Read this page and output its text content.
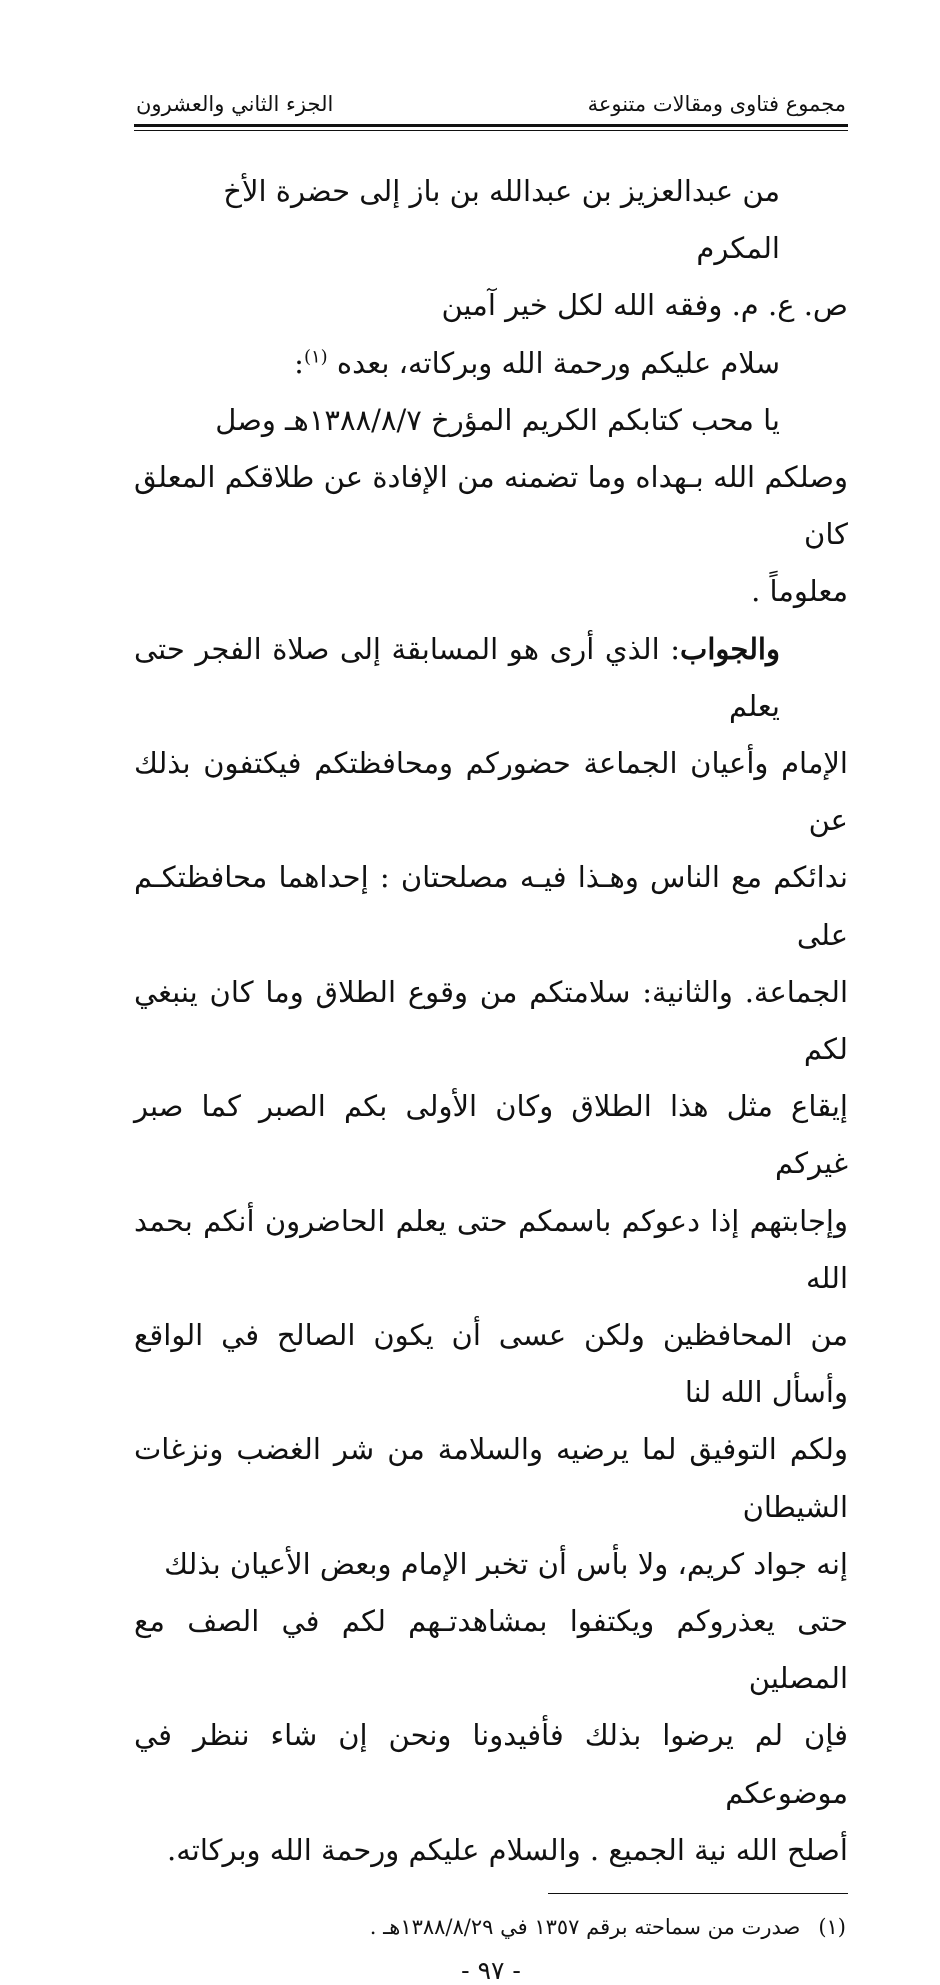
مجموع فتاوى ومقالات متنوعة
الجزء الثاني والعشرون

من عبدالعزيز بن عبدالله بن باز إلى حضرة الأخ المكرم

ص. ع. م. وفقه الله لكل خير آمين

سلام عليكم ورحمة الله وبركاته، بعده $^{(١)}$:

يا محب كتابكم الكريم المؤرخ ١٣٨٨/٨/٧هـ وصل

وصلكم الله بـهداه وما تضمنه من الإفادة عن طلاقكم المعلق كان

معلوماً .

والجواب: الذي أرى هو المسابقة إلى صلاة الفجر حتى يعلم

الإمام وأعيان الجماعة حضوركم ومحافظتكم فيكتفون بذلك عن

ندائكم مع الناس وهـذا فيـه مصلحتان : إحداهما محافظتكـم على

الجماعة. والثانية: سلامتكم من وقوع الطلاق وما كان ينبغي لكم

إيقاع مثل هذا الطلاق وكان الأولى بكم الصبر كما صبر غيركم

وإجابتهم إذا دعوكم باسمكم حتى يعلم الحاضرون أنكم بحمد الله

من المحافظين ولكن عسى أن يكون الصالح في الواقع وأسأل الله لنا

ولكم التوفيق لما يرضيه والسلامة من شر الغضب ونزغات الشيطان

إنه جواد كريم، ولا بأس أن تخبر الإمام وبعض الأعيان بذلك

حتى يعذروكم ويكتفوا بمشاهدتـهم لكم في الصف مع المصلين

فإن لم يرضوا بذلك فأفيدونا ونحن إن شاء ننظر في موضوعكم

أصلح الله نية الجميع . والسلام عليكم ورحمة الله وبركاته.

(١)صدرت من سماحته برقم ١٣٥٧ في ١٣٨٨/٨/٢٩هـ .
- ٩٧ -
